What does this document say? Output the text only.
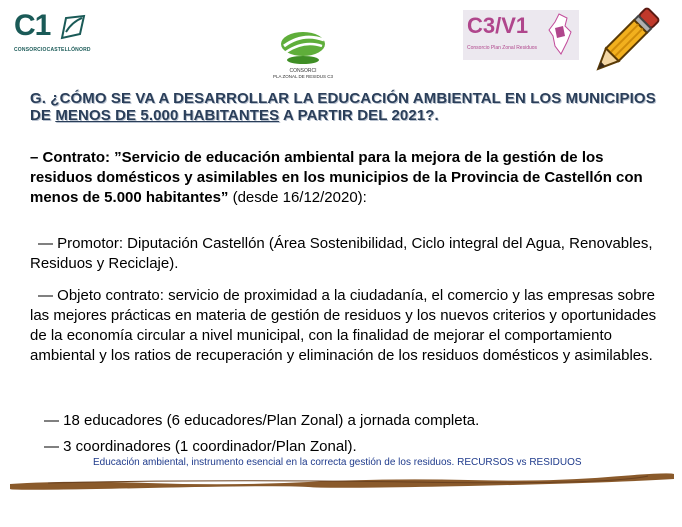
C1
CONSORCIOCASTELLÓNORD
CONSORCI
PLA ZONAL DE RESIDUS C3
C3/V1
Consorcio Plan Zonal Residuos
G. ¿CÓMO SE VA A DESARROLLAR LA EDUCACIÓN AMBIENTAL EN LOS MUNICIPIOS DE MENOS DE 5.000 HABITANTES A PARTIR DEL 2021?.
– Contrato: ”Servicio de educación ambiental para la mejora de la gestión de los residuos domésticos y asimilables en los municipios de la Provincia de Castellón con menos de 5.000 habitantes” (desde 16/12/2020):
— Promotor: Diputación Castellón (Área Sostenibilidad, Ciclo integral del Agua, Renovables, Residuos y Reciclaje).
— Objeto contrato: servicio de proximidad a la ciudadanía, el comercio y las empresas sobre las mejores prácticas en materia de gestión de residuos y los nuevos criterios y oportunidades de la economía circular a nivel municipal, con la finalidad de mejorar el comportamiento ambiental y los ratios de recuperación y eliminación de los residuos domésticos y asimilables.
— 18 educadores (6 educadores/Plan Zonal) a jornada completa.
— 3 coordinadores (1 coordinador/Plan Zonal).
Educación ambiental, instrumento esencial en la correcta gestión de los residuos. RECURSOS vs RESIDUOS
